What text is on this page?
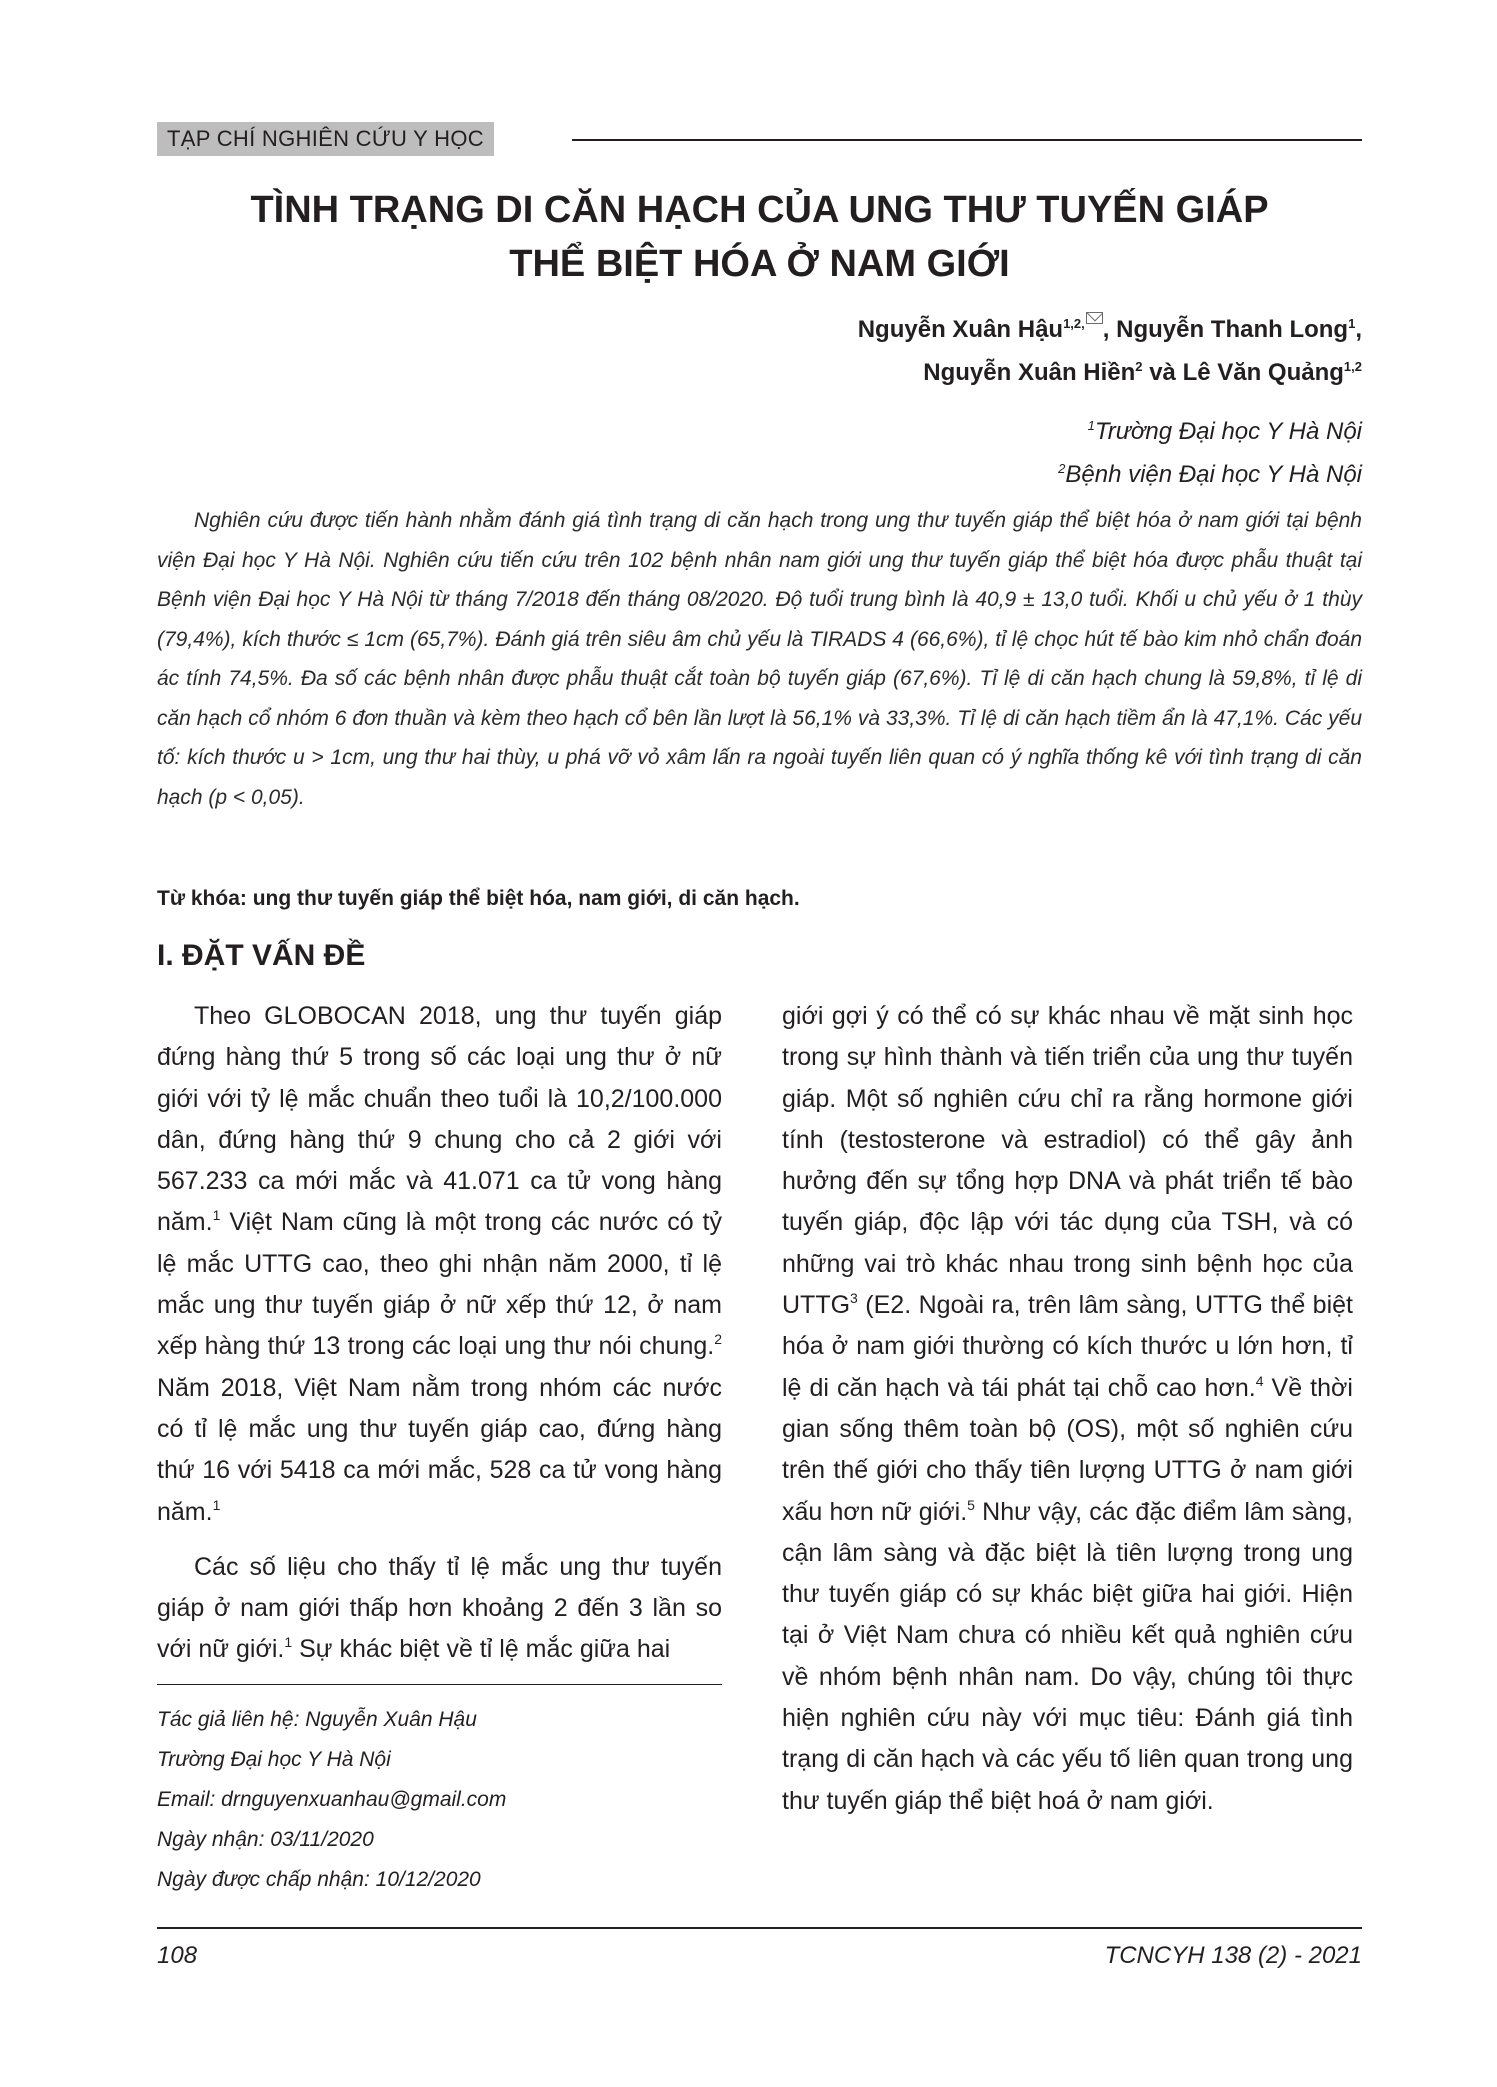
TẠP CHÍ NGHIÊN CỨU Y HỌC
TÌNH TRẠNG DI CĂN HẠCH CỦA UNG THƯ TUYẾN GIÁP
THỂ BIỆT HÓA Ở NAM GIỚI
Nguyễn Xuân Hậu$^{1,2,}$ , Nguyễn Thanh Long$^1$,
Nguyễn Xuân Hiền$^2$ và Lê Văn Quảng$^{1,2}$
$^1$Trường Đại học Y Hà Nội
$^2$Bệnh viện Đại học Y Hà Nội

Nghiên cứu được tiến hành nhằm đánh giá tình trạng di căn hạch trong ung thư tuyến giáp thể biệt hóa ở nam giới tại bệnh viện Đại học Y Hà Nội. Nghiên cứu tiến cứu trên 102 bệnh nhân nam giới ung thư tuyến giáp thể biệt hóa được phẫu thuật tại Bệnh viện Đại học Y Hà Nội từ tháng 7/2018 đến tháng 08/2020. Độ tuổi trung bình là 40,9 ± 13,0 tuổi. Khối u chủ yếu ở 1 thùy (79,4%), kích thước ≤ 1cm (65,7%). Đánh giá trên siêu âm chủ yếu là TIRADS 4 (66,6%), tỉ lệ chọc hút tế bào kim nhỏ chẩn đoán ác tính 74,5%. Đa số các bệnh nhân được phẫu thuật cắt toàn bộ tuyến giáp (67,6%). Tỉ lệ di căn hạch chung là 59,8%, tỉ lệ di căn hạch cổ nhóm 6 đơn thuần và kèm theo hạch cổ bên lần lượt là 56,1% và 33,3%. Tỉ lệ di căn hạch tiềm ẩn là 47,1%. Các yếu tố: kích thước u > 1cm, ung thư hai thùy, u phá vỡ vỏ xâm lấn ra ngoài tuyến liên quan có ý nghĩa thống kê với tình trạng di căn hạch (p < 0,05).

Từ khóa: ung thư tuyến giáp thể biệt hóa, nam giới, di căn hạch.
I. ĐẶT VẤN ĐỀ

Theo GLOBOCAN 2018, ung thư tuyến giáp đứng hàng thứ 5 trong số các loại ung thư ở nữ giới với tỷ lệ mắc chuẩn theo tuổi là 10,2/100.000 dân, đứng hàng thứ 9 chung cho cả 2 giới với 567.233 ca mới mắc và 41.071 ca tử vong hàng năm.$^1$ Việt Nam cũng là một trong các nước có tỷ lệ mắc UTTG cao, theo ghi nhận năm 2000, tỉ lệ mắc ung thư tuyến giáp ở nữ xếp thứ 12, ở nam xếp hàng thứ 13 trong các loại ung thư nói chung.$^2$ Năm 2018, Việt Nam nằm trong nhóm các nước có tỉ lệ mắc ung thư tuyến giáp cao, đứng hàng thứ 16 với 5418 ca mới mắc, 528 ca tử vong hàng năm.$^1$

Các số liệu cho thấy tỉ lệ mắc ung thư tuyến giáp ở nam giới thấp hơn khoảng 2 đến 3 lần so với nữ giới.$^1$ Sự khác biệt về tỉ lệ mắc giữa hai

giới gợi ý có thể có sự khác nhau về mặt sinh học trong sự hình thành và tiến triển của ung thư tuyến giáp. Một số nghiên cứu chỉ ra rằng hormone giới tính (testosterone và estradiol) có thể gây ảnh hưởng đến sự tổng hợp DNA và phát triển tế bào tuyến giáp, độc lập với tác dụng của TSH, và có những vai trò khác nhau trong sinh bệnh học của UTTG$^3$ (E2. Ngoài ra, trên lâm sàng, UTTG thể biệt hóa ở nam giới thường có kích thước u lớn hơn, tỉ lệ di căn hạch và tái phát tại chỗ cao hơn.$^4$ Về thời gian sống thêm toàn bộ (OS), một số nghiên cứu trên thế giới cho thấy tiên lượng UTTG ở nam giới xấu hơn nữ giới.$^5$ Như vậy, các đặc điểm lâm sàng, cận lâm sàng và đặc biệt là tiên lượng trong ung thư tuyến giáp có sự khác biệt giữa hai giới. Hiện tại ở Việt Nam chưa có nhiều kết quả nghiên cứu về nhóm bệnh nhân nam. Do vậy, chúng tôi thực hiện nghiên cứu này với mục tiêu: Đánh giá tình trạng di căn hạch và các yếu tố liên quan trong ung thư tuyến giáp thể biệt hoá ở nam giới.

Tác giả liên hệ: Nguyễn Xuân Hậu
Trường Đại học Y Hà Nội
Email: drnguyenxuanhau@gmail.com
Ngày nhận: 03/11/2020
Ngày được chấp nhận: 10/12/2020
108	TCNCYH 138 (2) - 2021
